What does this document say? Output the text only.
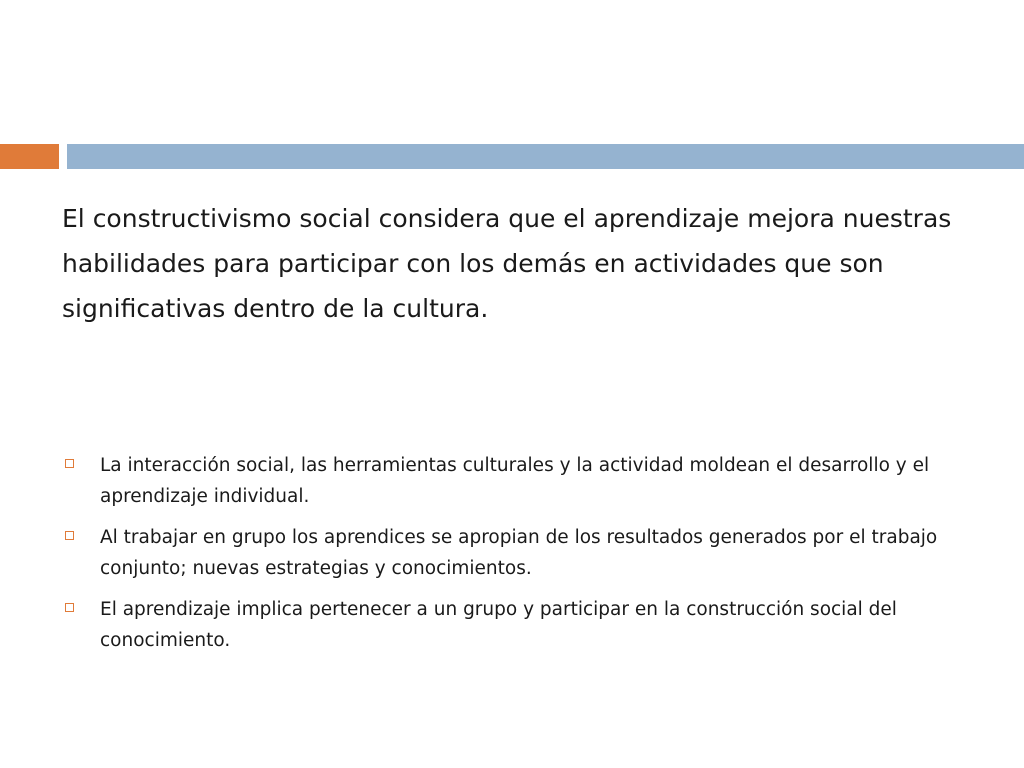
El constructivismo social considera que el aprendizaje mejora nuestras habilidades para participar con los demás en actividades que son significativas dentro de la cultura.

La interacción social, las herramientas culturales y la actividad moldean el desarrollo y el aprendizaje individual.
Al trabajar en grupo los aprendices se apropian de los resultados generados por el trabajo conjunto; nuevas estrategias y conocimientos.
El aprendizaje implica pertenecer a un grupo y participar en la construcción social del conocimiento.
